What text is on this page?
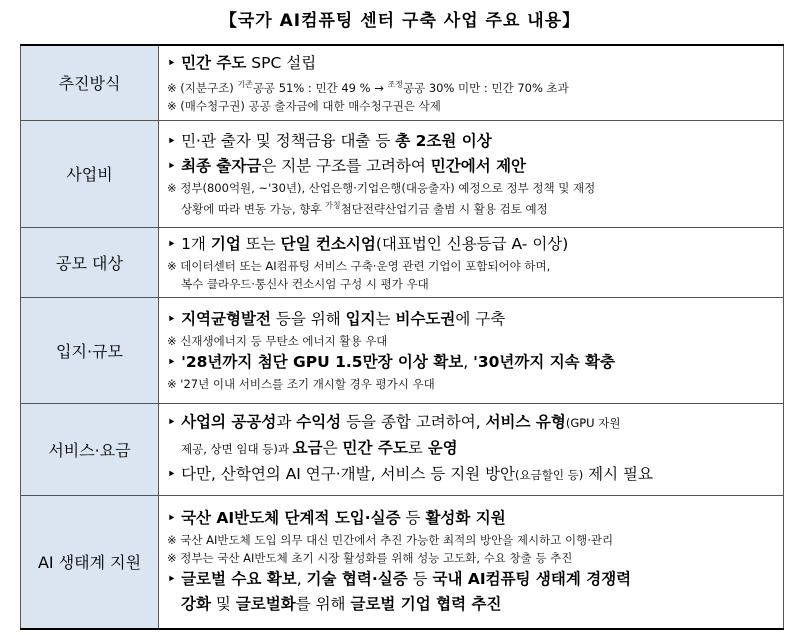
【국가 AI컴퓨팅 센터 구축 사업 주요 내용】
추진방식	‣ 민간 주도 SPC 설립
※ (지분구조) $^{기존}$공공 51% : 민간 49 % → $^{조정}$공공 30% 미만 : 민간 70% 초과
※ (매수청구권) 공공 출자금에 대한 매수청구권은 삭제

사업비	‣ 민·관 출자 및 정책금융 대출 등 총 2조원 이상
‣ 최종 출자금은 지분 구조를 고려하여 민간에서 제안
※ 정부(800억원, ~'30년), 산업은행·기업은행(대응출자) 예정으로 정부 정책 및 재정
상황에 따라 변동 가능, 향후 $^{가칭}$첨단전략산업기금 출범 시 활용 검토 예정

공모 대상	‣ 1개 기업 또는 단일 컨소시엄(대표법인 신용등급 A- 이상)
※ 데이터센터 또는 AI컴퓨팅 서비스 구축·운영 관련 기업이 포함되어야 하며,
복수 클라우드·통신사 컨소시엄 구성 시 평가 우대

입지·규모	‣ 지역균형발전 등을 위해 입지는 비수도권에 구축
※ 신재생에너지 등 무탄소 에너지 활용 우대
‣ '28년까지 첨단 GPU 1.5만장 이상 확보, '30년까지 지속 확충
※ '27년 이내 서비스를 조기 개시할 경우 평가시 우대

서비스·요금	‣ 사업의 공공성과 수익성 등을 종합 고려하여, 서비스 유형(GPU 자원
제공, 상면 임대 등)과 요금은 민간 주도로 운영
‣ 다만, 산학연의 AI 연구·개발, 서비스 등 지원 방안(요금할인 등) 제시 필요

AI 생태계 지원	‣ 국산 AI반도체 단계적 도입·실증 등 활성화 지원
※ 국산 AI반도체 도입 의무 대신 민간에서 추진 가능한 최적의 방안을 제시하고 이행·관리
※ 정부는 국산 AI반도체 초기 시장 활성화를 위해 성능 고도화, 수요 창출 등 추진
‣ 글로벌 수요 확보, 기술 협력·실증 등 국내 AI컴퓨팅 생태계 경쟁력
강화 및 글로벌화를 위해 글로벌 기업 협력 추진
